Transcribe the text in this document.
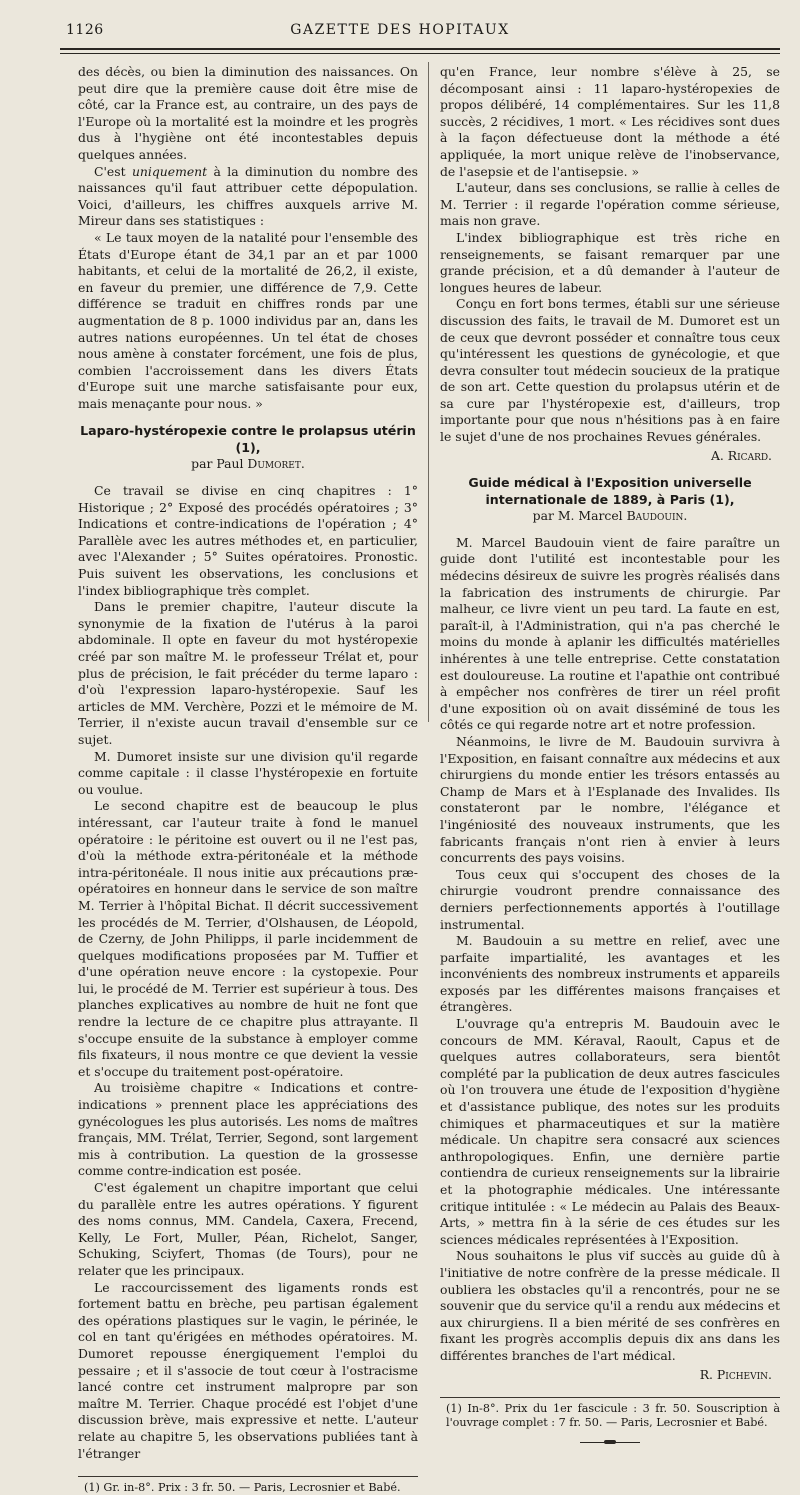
1126	GAZETTE DES HOPITAUX

des décès, ou bien la diminution des naissances. On peut dire que la première cause doit être mise de côté, car la France est, au contraire, un des pays de l'Europe où la mortalité est la moindre et les progrès dus à l'hygiène ont été incontestables depuis quelques années.

C'est uniquement à la diminution du nombre des naissances qu'il faut attribuer cette dépopulation. Voici, d'ailleurs, les chiffres auxquels arrive M. Mireur dans ses statistiques :

« Le taux moyen de la natalité pour l'ensemble des États d'Europe étant de 34,1 par an et par 1000 habitants, et celui de la mortalité de 26,2, il existe, en faveur du premier, une différence de 7,9. Cette différence se traduit en chiffres ronds par une augmentation de 8 p. 1000 individus par an, dans les autres nations européennes. Un tel état de choses nous amène à constater forcément, une fois de plus, combien l'accroissement dans les divers États d'Europe suit une marche satisfaisante pour eux, mais menaçante pour nous. »

Laparo-hystéropexie contre le prolapsus utérin (1),
par Paul Dumoret.

Ce travail se divise en cinq chapitres : 1° Historique ; 2° Exposé des procédés opératoires ; 3° Indications et contre-indications de l'opération ; 4° Parallèle avec les autres méthodes et, en particulier, avec l'Alexander ; 5° Suites opératoires. Pronostic. Puis suivent les observations, les conclusions et l'index bibliographique très complet.

Dans le premier chapitre, l'auteur discute la synonymie de la fixation de l'utérus à la paroi abdominale. Il opte en faveur du mot hystéropexie créé par son maître M. le professeur Trélat et, pour plus de précision, le fait précéder du terme laparo : d'où l'expression laparo-hystéropexie. Sauf les articles de MM. Verchère, Pozzi et le mémoire de M. Terrier, il n'existe aucun travail d'ensemble sur ce sujet.

M. Dumoret insiste sur une division qu'il regarde comme capitale : il classe l'hystéropexie en fortuite ou voulue.

Le second chapitre est de beaucoup le plus intéressant, car l'auteur traite à fond le manuel opératoire : le péritoine est ouvert ou il ne l'est pas, d'où la méthode extra-péritonéale et la méthode intra-péritonéale. Il nous initie aux précautions præ-opératoires en honneur dans le service de son maître M. Terrier à l'hôpital Bichat. Il décrit successivement les procédés de M. Terrier, d'Olshausen, de Léopold, de Czerny, de John Philipps, il parle incidemment de quelques modifications proposées par M. Tuffier et d'une opération neuve encore : la cystopexie. Pour lui, le procédé de M. Terrier est supérieur à tous. Des planches explicatives au nombre de huit ne font que rendre la lecture de ce chapitre plus attrayante. Il s'occupe ensuite de la substance à employer comme fils fixateurs, il nous montre ce que devient la vessie et s'occupe du traitement post-opératoire.

Au troisième chapitre « Indications et contre-indications » prennent place les appréciations des gynécologues les plus autorisés. Les noms de maîtres français, MM. Trélat, Terrier, Segond, sont largement mis à contribution. La question de la grossesse comme contre-indication est posée.

C'est également un chapitre important que celui du parallèle entre les autres opérations. Y figurent des noms connus, MM. Candela, Caxera, Frecend, Kelly, Le Fort, Muller, Péan, Richelot, Sanger, Schuking, Sciyfert, Thomas (de Tours), pour ne relater que les principaux.

Le raccourcissement des ligaments ronds est fortement battu en brèche, peu partisan également des opérations plastiques sur le vagin, le périnée, le col en tant qu'érigées en méthodes opératoires. M. Dumoret repousse énergiquement l'emploi du pessaire ; et il s'associe de tout cœur à l'ostracisme lancé contre cet instrument malpropre par son maître M. Terrier. Chaque procédé est l'objet d'une discussion brève, mais expressive et nette. L'auteur relate au chapitre 5, les observations publiées tant à l'étranger

(1) Gr. in-8°. Prix : 3 fr. 50. — Paris, Lecrosnier et Babé.

qu'en France, leur nombre s'élève à 25, se décomposant ainsi : 11 laparo-hystéropexies de propos délibéré, 14 complémentaires. Sur les 11,8 succès, 2 récidives, 1 mort. « Les récidives sont dues à la façon défectueuse dont la méthode a été appliquée, la mort unique relève de l'inobservance, de l'asepsie et de l'antisepsie. »

L'auteur, dans ses conclusions, se rallie à celles de M. Terrier : il regarde l'opération comme sérieuse, mais non grave.

L'index bibliographique est très riche en renseignements, se faisant remarquer par une grande précision, et a dû demander à l'auteur de longues heures de labeur.

Conçu en fort bons termes, établi sur une sérieuse discussion des faits, le travail de M. Dumoret est un de ceux que devront posséder et connaître tous ceux qu'intéressent les questions de gynécologie, et que devra consulter tout médecin soucieux de la pratique de son art. Cette question du prolapsus utérin et de sa cure par l'hystéropexie est, d'ailleurs, trop importante pour que nous n'hésitions pas à en faire le sujet d'une de nos prochaines Revues générales.

A. Ricard.

Guide médical à l'Exposition universelle internationale de 1889, à Paris (1),
par M. Marcel Baudouin.

M. Marcel Baudouin vient de faire paraître un guide dont l'utilité est incontestable pour les médecins désireux de suivre les progrès réalisés dans la fabrication des instruments de chirurgie. Par malheur, ce livre vient un peu tard. La faute en est, paraît-il, à l'Administration, qui n'a pas cherché le moins du monde à aplanir les difficultés matérielles inhérentes à une telle entreprise. Cette constatation est douloureuse. La routine et l'apathie ont contribué à empêcher nos confrères de tirer un réel profit d'une exposition où on avait disséminé de tous les côtés ce qui regarde notre art et notre profession.

Néanmoins, le livre de M. Baudouin survivra à l'Exposition, en faisant connaître aux médecins et aux chirurgiens du monde entier les trésors entassés au Champ de Mars et à l'Esplanade des Invalides. Ils constateront par le nombre, l'élégance et l'ingéniosité des nouveaux instruments, que les fabricants français n'ont rien à envier à leurs concurrents des pays voisins.

Tous ceux qui s'occupent des choses de la chirurgie voudront prendre connaissance des derniers perfectionnements apportés à l'outillage instrumental.

M. Baudouin a su mettre en relief, avec une parfaite impartialité, les avantages et les inconvénients des nombreux instruments et appareils exposés par les différentes maisons françaises et étrangères.

L'ouvrage qu'a entrepris M. Baudouin avec le concours de MM. Kéraval, Raoult, Capus et de quelques autres collaborateurs, sera bientôt complété par la publication de deux autres fascicules où l'on trouvera une étude de l'exposition d'hygiène et d'assistance publique, des notes sur les produits chimiques et pharmaceutiques et sur la matière médicale. Un chapitre sera consacré aux sciences anthropologiques. Enfin, une dernière partie contiendra de curieux renseignements sur la librairie et la photographie médicales. Une intéressante critique intitulée : « Le médecin au Palais des Beaux-Arts, » mettra fin à la série de ces études sur les sciences médicales représentées à l'Exposition.

Nous souhaitons le plus vif succès au guide dû à l'initiative de notre confrère de la presse médicale. Il oubliera les obstacles qu'il a rencontrés, pour ne se souvenir que du service qu'il a rendu aux médecins et aux chirurgiens. Il a bien mérité de ses confrères en fixant les progrès accomplis depuis dix ans dans les différentes branches de l'art médical.

R. Pichevin.

(1) In-8°. Prix du 1er fascicule : 3 fr. 50. Souscription à l'ouvrage complet : 7 fr. 50. — Paris, Lecrosnier et Babé.
